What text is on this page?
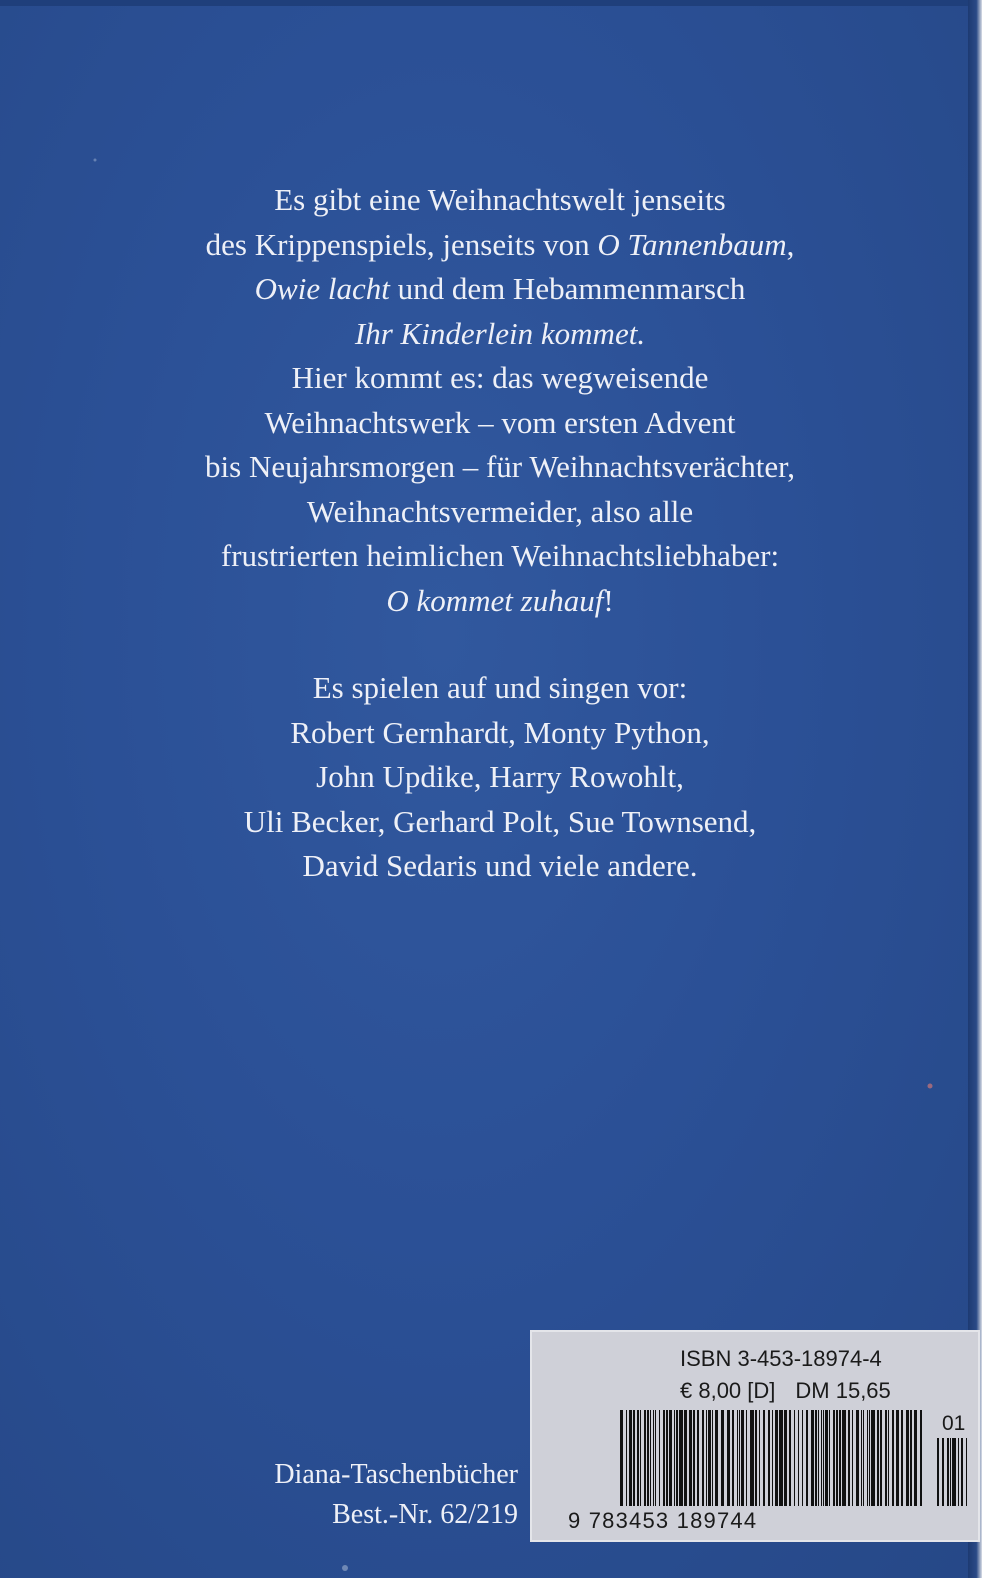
Es gibt eine Weihnachtswelt jenseits
des Krippenspiels, jenseits von O Tannenbaum,
Owie lacht und dem Hebammenmarsch
Ihr Kinderlein kommet.
Hier kommt es: das wegweisende
Weihnachtswerk – vom ersten Advent
bis Neujahrsmorgen – für Weihnachtsverächter,
Weihnachtsvermeider, also alle
frustrierten heimlichen Weihnachtsliebhaber:
O kommet zuhauf!
Es spielen auf und singen vor:
Robert Gernhardt, Monty Python,
John Updike, Harry Rowohlt,
Uli Becker, Gerhard Polt, Sue Townsend,
David Sedaris und viele andere.
Diana-Taschenbücher
Best.-Nr. 62/219
ISBN 3-453-18974-4
€ 8,00 [D] DM 15,65
01
9 783453 189744
